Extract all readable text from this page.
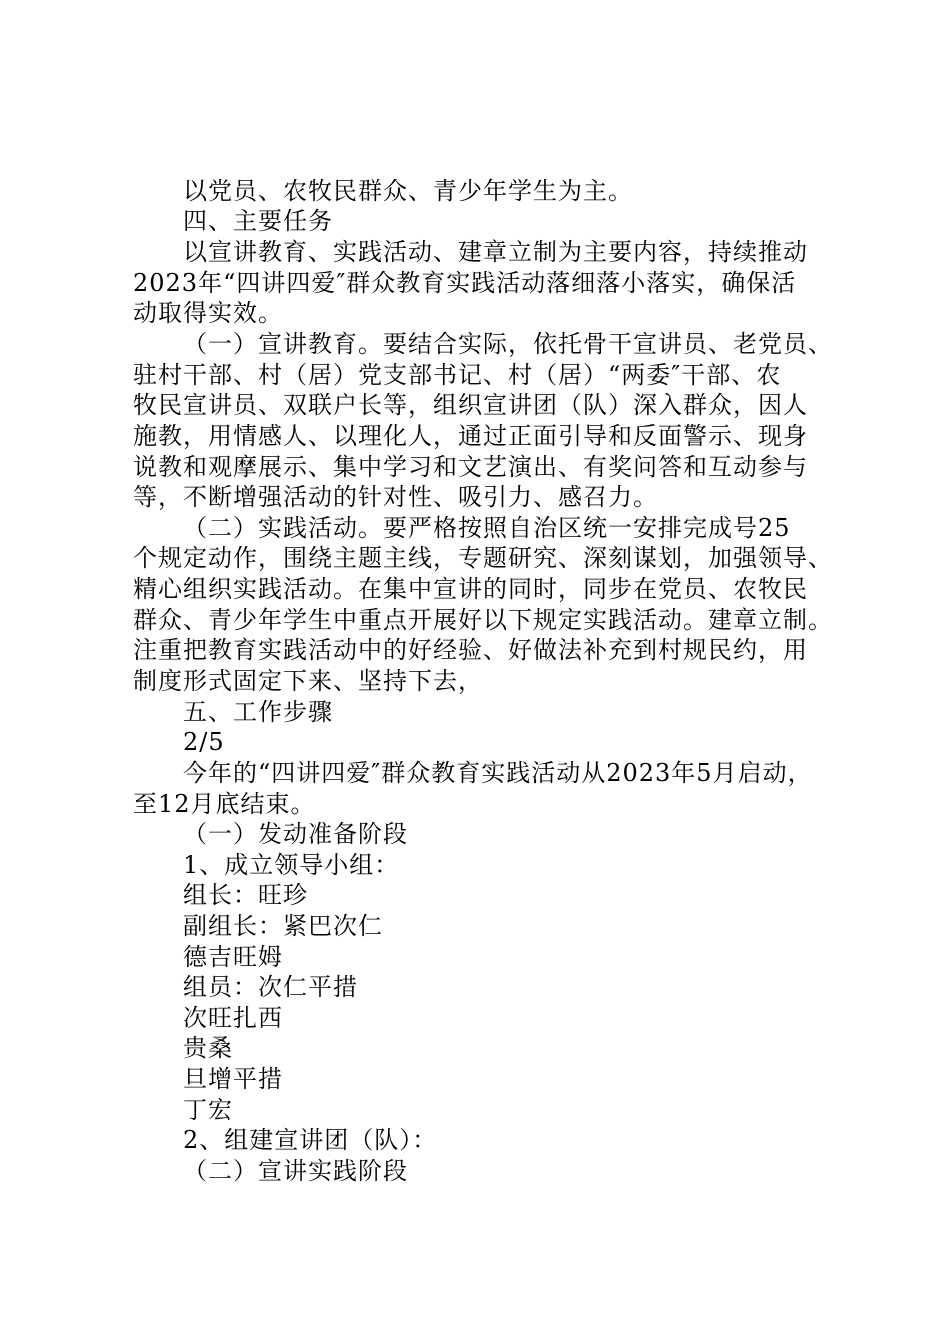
以党员、农牧民群众、青少年学生为主。
四、主要任务
以宣讲教育、实践活动、建章立制为主要内容，持续推动
2023年“四讲四爱″群众教育实践活动落细落小落实，确保活
动取得实效。
（一）宣讲教育。要结合实际，依托骨干宣讲员、老党员、
驻村干部、村（居）党支部书记、村（居）“两委″干部、农
牧民宣讲员、双联户长等，组织宣讲团（队）深入群众，因人
施教，用情感人、以理化人，通过正面引导和反面警示、现身
说教和观摩展示、集中学习和文艺演出、有奖问答和互动参与
等，不断增强活动的针对性、吸引力、感召力。
（二）实践活动。要严格按照自治区统一安排完成号25
个规定动作，围绕主题主线，专题研究、深刻谋划，加强领导、
精心组织实践活动。在集中宣讲的同时，同步在党员、农牧民
群众、青少年学生中重点开展好以下规定实践活动。建章立制。
注重把教育实践活动中的好经验、好做法补充到村规民约，用
制度形式固定下来、坚持下去，
五、工作步骤
2/5
今年的“四讲四爱″群众教育实践活动从2023年5月启动，
至12月底结束。
（一）发动准备阶段
1、成立领导小组：
组长：旺珍
副组长：紧巴次仁
德吉旺姆
组员：次仁平措
次旺扎西
贵桑
旦增平措
丁宏
2、组建宣讲团（队）：
（二）宣讲实践阶段
